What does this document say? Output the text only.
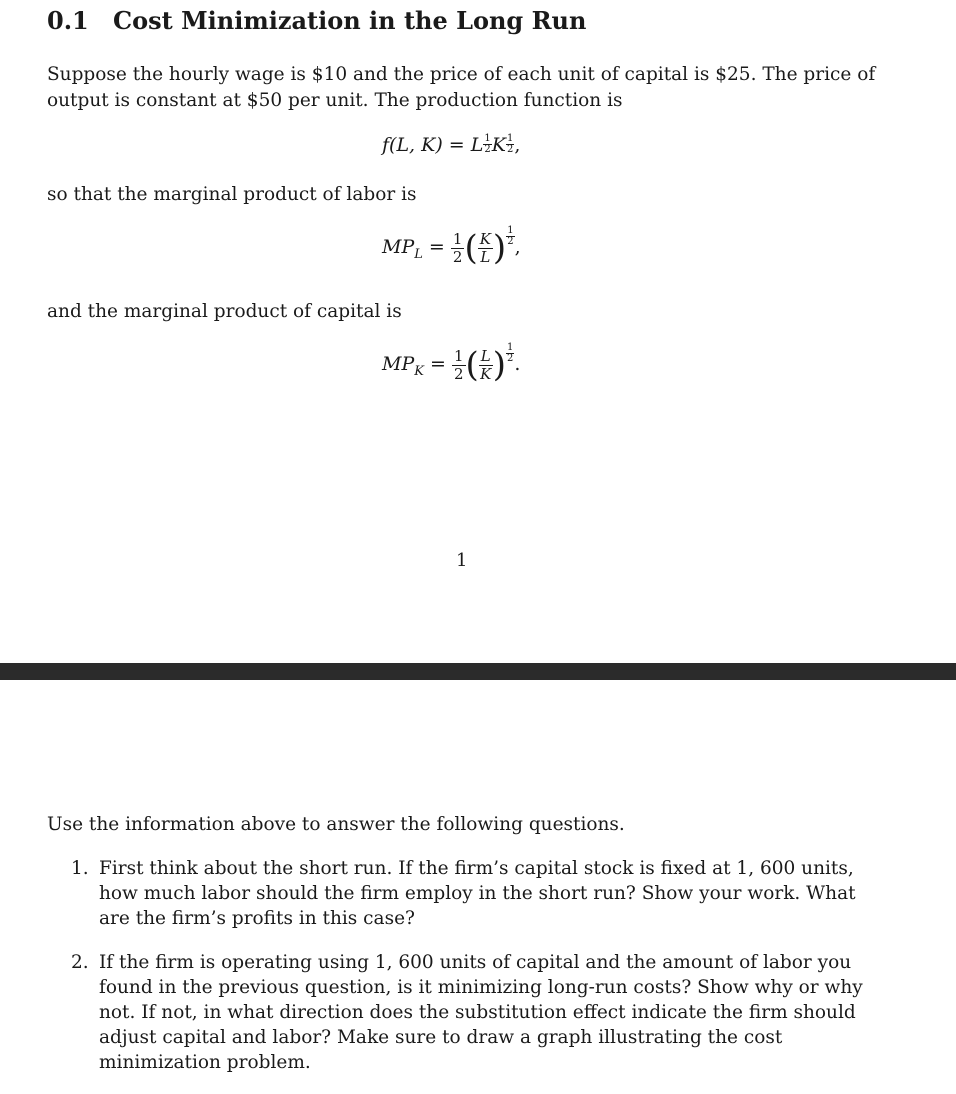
0.1 Cost Minimization in the Long Run
Suppose the hourly wage is $10 and the price of each unit of capital is $25. The price of
output is constant at $50 per unit. The production function is
f(L, K) = L $\frac{1}{2}K \frac{1}{2}$,
so that the marginal product of labor is
$MP_L = \frac{1}{2}$ ( $\frac{K}{L}$ ) $\frac{1}{2}$,
and the marginal product of capital is
$MP_K = \frac{1}{2}$ ( $\frac{L}{K}$ ) $\frac{1}{2}$.
1
Use the information above to answer the following questions.
1. First think about the short run. If the firm’s capital stock is fixed at 1, 600 units, how much labor should the firm employ in the short run? Show your work. What are the firm’s profits in this case?
2. If the firm is operating using 1, 600 units of capital and the amount of labor you found in the previous question, is it minimizing long-run costs? Show why or why not. If not, in what direction does the substitution effect indicate the firm should adjust capital and labor? Make sure to draw a graph illustrating the cost minimization problem.
